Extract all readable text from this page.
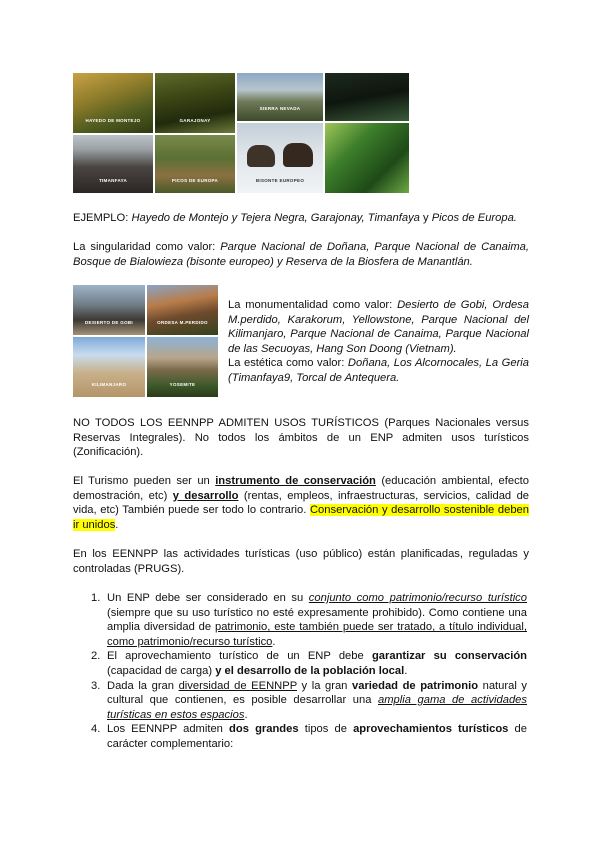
HAYEDO DE MONTEJO	GARAJONAY
TIMANFAYA	PICOS DE EUROPA
SIERRA NEVADA
BISONTE EUROPEO

EJEMPLO: Hayedo de Montejo y Tejera Negra, Garajonay, Timanfaya y Picos de Europa.

La singularidad como valor: Parque Nacional de Doñana, Parque Nacional de Canaima, Bosque de Bialowieza (bisonte europeo) y Reserva de la Biosfera de Manantlán.

DESIERTO DE GOBI	ORDESA M.PERDIDO
KILIMANJARO	YOSEMITE

La monumentalidad como valor: Desierto de Gobi, Ordesa M.perdido, Karakorum, Yellowstone, Parque Nacional del Kilimanjaro, Parque Nacional de Canaima, Parque Nacional de las Secuoyas, Hang Son Doong (Vietnam).
La estética como valor: Doñana, Los Alcornocales, La Geria (Timanfaya9, Torcal de Antequera.

NO TODOS LOS EENNPP ADMITEN USOS TURÍSTICOS (Parques Nacionales versus Reservas Integrales). No todos los ámbitos de un ENP admiten usos turísticos (Zonificación).

El Turismo pueden ser un instrumento de conservación (educación ambiental, efecto demostración, etc) y desarrollo (rentas, empleos, infraestructuras, servicios, calidad de vida, etc) También puede ser todo lo contrario. Conservación y desarrollo sostenible deben ir unidos.

En los EENNPP las actividades turísticas (uso público) están planificadas, reguladas y controladas (PRUGS).

1. Un ENP debe ser considerado en su conjunto como patrimonio/recurso turístico (siempre que su uso turístico no esté expresamente prohibido). Como contiene una amplia diversidad de patrimonio, este también puede ser tratado, a título individual, como patrimonio/recurso turístico.
2. El aprovechamiento turístico de un ENP debe garantizar su conservación (capacidad de carga) y el desarrollo de la población local.
3. Dada la gran diversidad de EENNPP y la gran variedad de patrimonio natural y cultural que contienen, es posible desarrollar una amplia gama de actividades turísticas en estos espacios.
4. Los EENNPP admiten dos grandes tipos de aprovechamientos turísticos de carácter complementario:
